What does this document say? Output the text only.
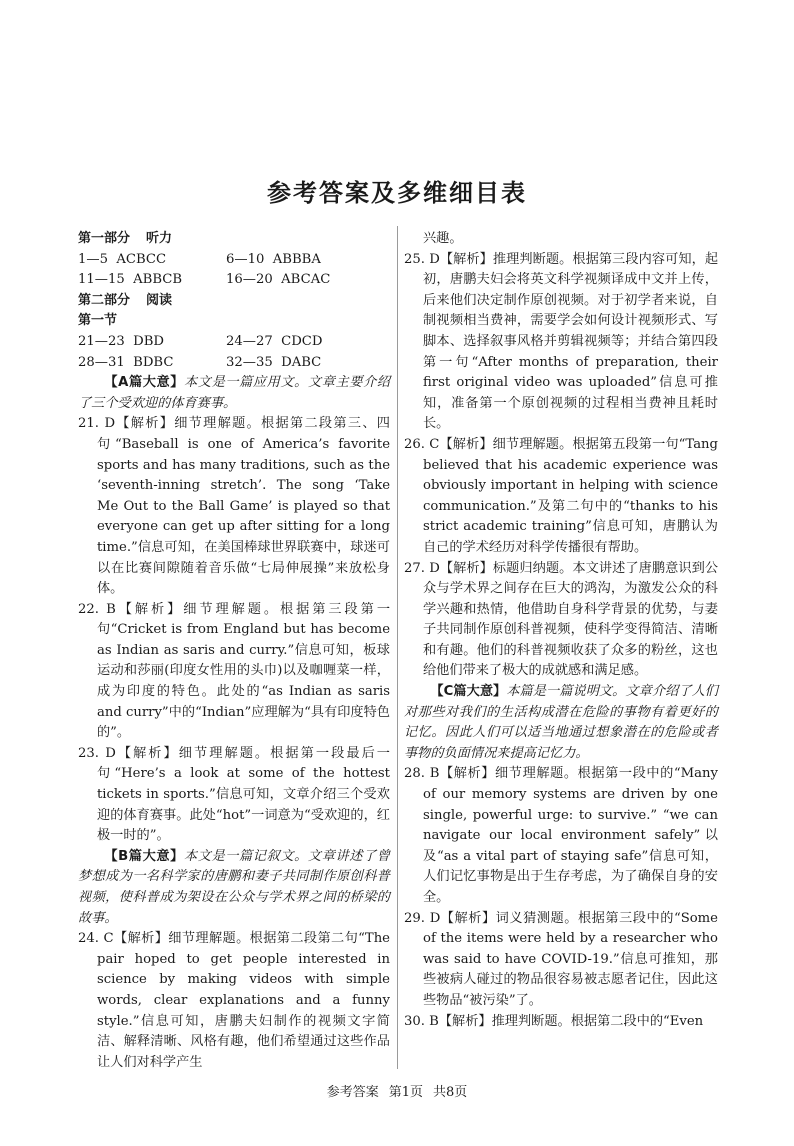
参考答案及多维细目表
第一部分 听力
1—5 ACBCC	6—10 ABBBA
11—15 ABBCB	16—20 ABCAC
第二部分 阅读
第一节
21—23 DBD	24—27 CDCD
28—31 BDBC	32—35 DABC
【A篇大意】本文是一篇应用文。文章主要介绍了三个受欢迎的体育赛事。
21. D【解析】细节理解题。根据第二段第三、四句“Baseball is one of America’s favorite sports and has many traditions, such as the ‘seventh-inning stretch’. The song ‘Take Me Out to the Ball Game’ is played so that everyone can get up after sitting for a long time.”信息可知，在美国棒球世界联赛中，球迷可以在比赛间隙随着音乐做“七局伸展操”来放松身体。
22. B【解析】细节理解题。根据第三段第一句“Cricket is from England but has become as Indian as saris and curry.”信息可知，板球运动和莎丽(印度女性用的头巾)以及咖喱菜一样，成为印度的特色。此处的“as Indian as saris and curry”中的“Indian”应理解为“具有印度特色的”。
23. D【解析】细节理解题。根据第一段最后一句“Here’s a look at some of the hottest tickets in sports.”信息可知，文章介绍三个受欢迎的体育赛事。此处“hot”一词意为“受欢迎的，红极一时的”。
【B篇大意】本文是一篇记叙文。文章讲述了曾梦想成为一名科学家的唐鹏和妻子共同制作原创科普视频，使科普成为架设在公众与学术界之间的桥梁的故事。
24. C【解析】细节理解题。根据第二段第二句“The pair hoped to get people interested in science by making videos with simple words, clear explanations and a funny style.”信息可知，唐鹏夫妇制作的视频文字简洁、解释清晰、风格有趣，他们希望通过这些作品让人们对科学产生
兴趣。
25. D【解析】推理判断题。根据第三段内容可知，起初，唐鹏夫妇会将英文科学视频译成中文并上传，后来他们决定制作原创视频。对于初学者来说，自制视频相当费神，需要学会如何设计视频形式、写脚本、选择叙事风格并剪辑视频等；并结合第四段第一句“After months of preparation, their first original video was uploaded”信息可推知，准备第一个原创视频的过程相当费神且耗时长。
26. C【解析】细节理解题。根据第五段第一句“Tang believed that his academic experience was obviously important in helping with science communication.”及第二句中的“thanks to his strict academic training”信息可知，唐鹏认为自己的学术经历对科学传播很有帮助。
27. D【解析】标题归纳题。本文讲述了唐鹏意识到公众与学术界之间存在巨大的鸿沟，为激发公众的科学兴趣和热情，他借助自身科学背景的优势，与妻子共同制作原创科普视频，使科学变得简洁、清晰和有趣。他们的科普视频收获了众多的粉丝，这也给他们带来了极大的成就感和满足感。
【C篇大意】本篇是一篇说明文。文章介绍了人们对那些对我们的生活构成潜在危险的事物有着更好的记忆。因此人们可以适当地通过想象潜在的危险或者事物的负面情况来提高记忆力。
28. B【解析】细节理解题。根据第一段中的“Many of our memory systems are driven by one single, powerful urge: to survive.” “we can navigate our local environment safely”以及“as a vital part of staying safe”信息可知，人们记忆事物是出于生存考虑，为了确保自身的安全。
29. D【解析】词义猜测题。根据第三段中的“Some of the items were held by a researcher who was said to have COVID-19.”信息可推知，那些被病人碰过的物品很容易被志愿者记住，因此这些物品“被污染”了。
30. B【解析】推理判断题。根据第二段中的“Even
参考答案 第1页 共8页
